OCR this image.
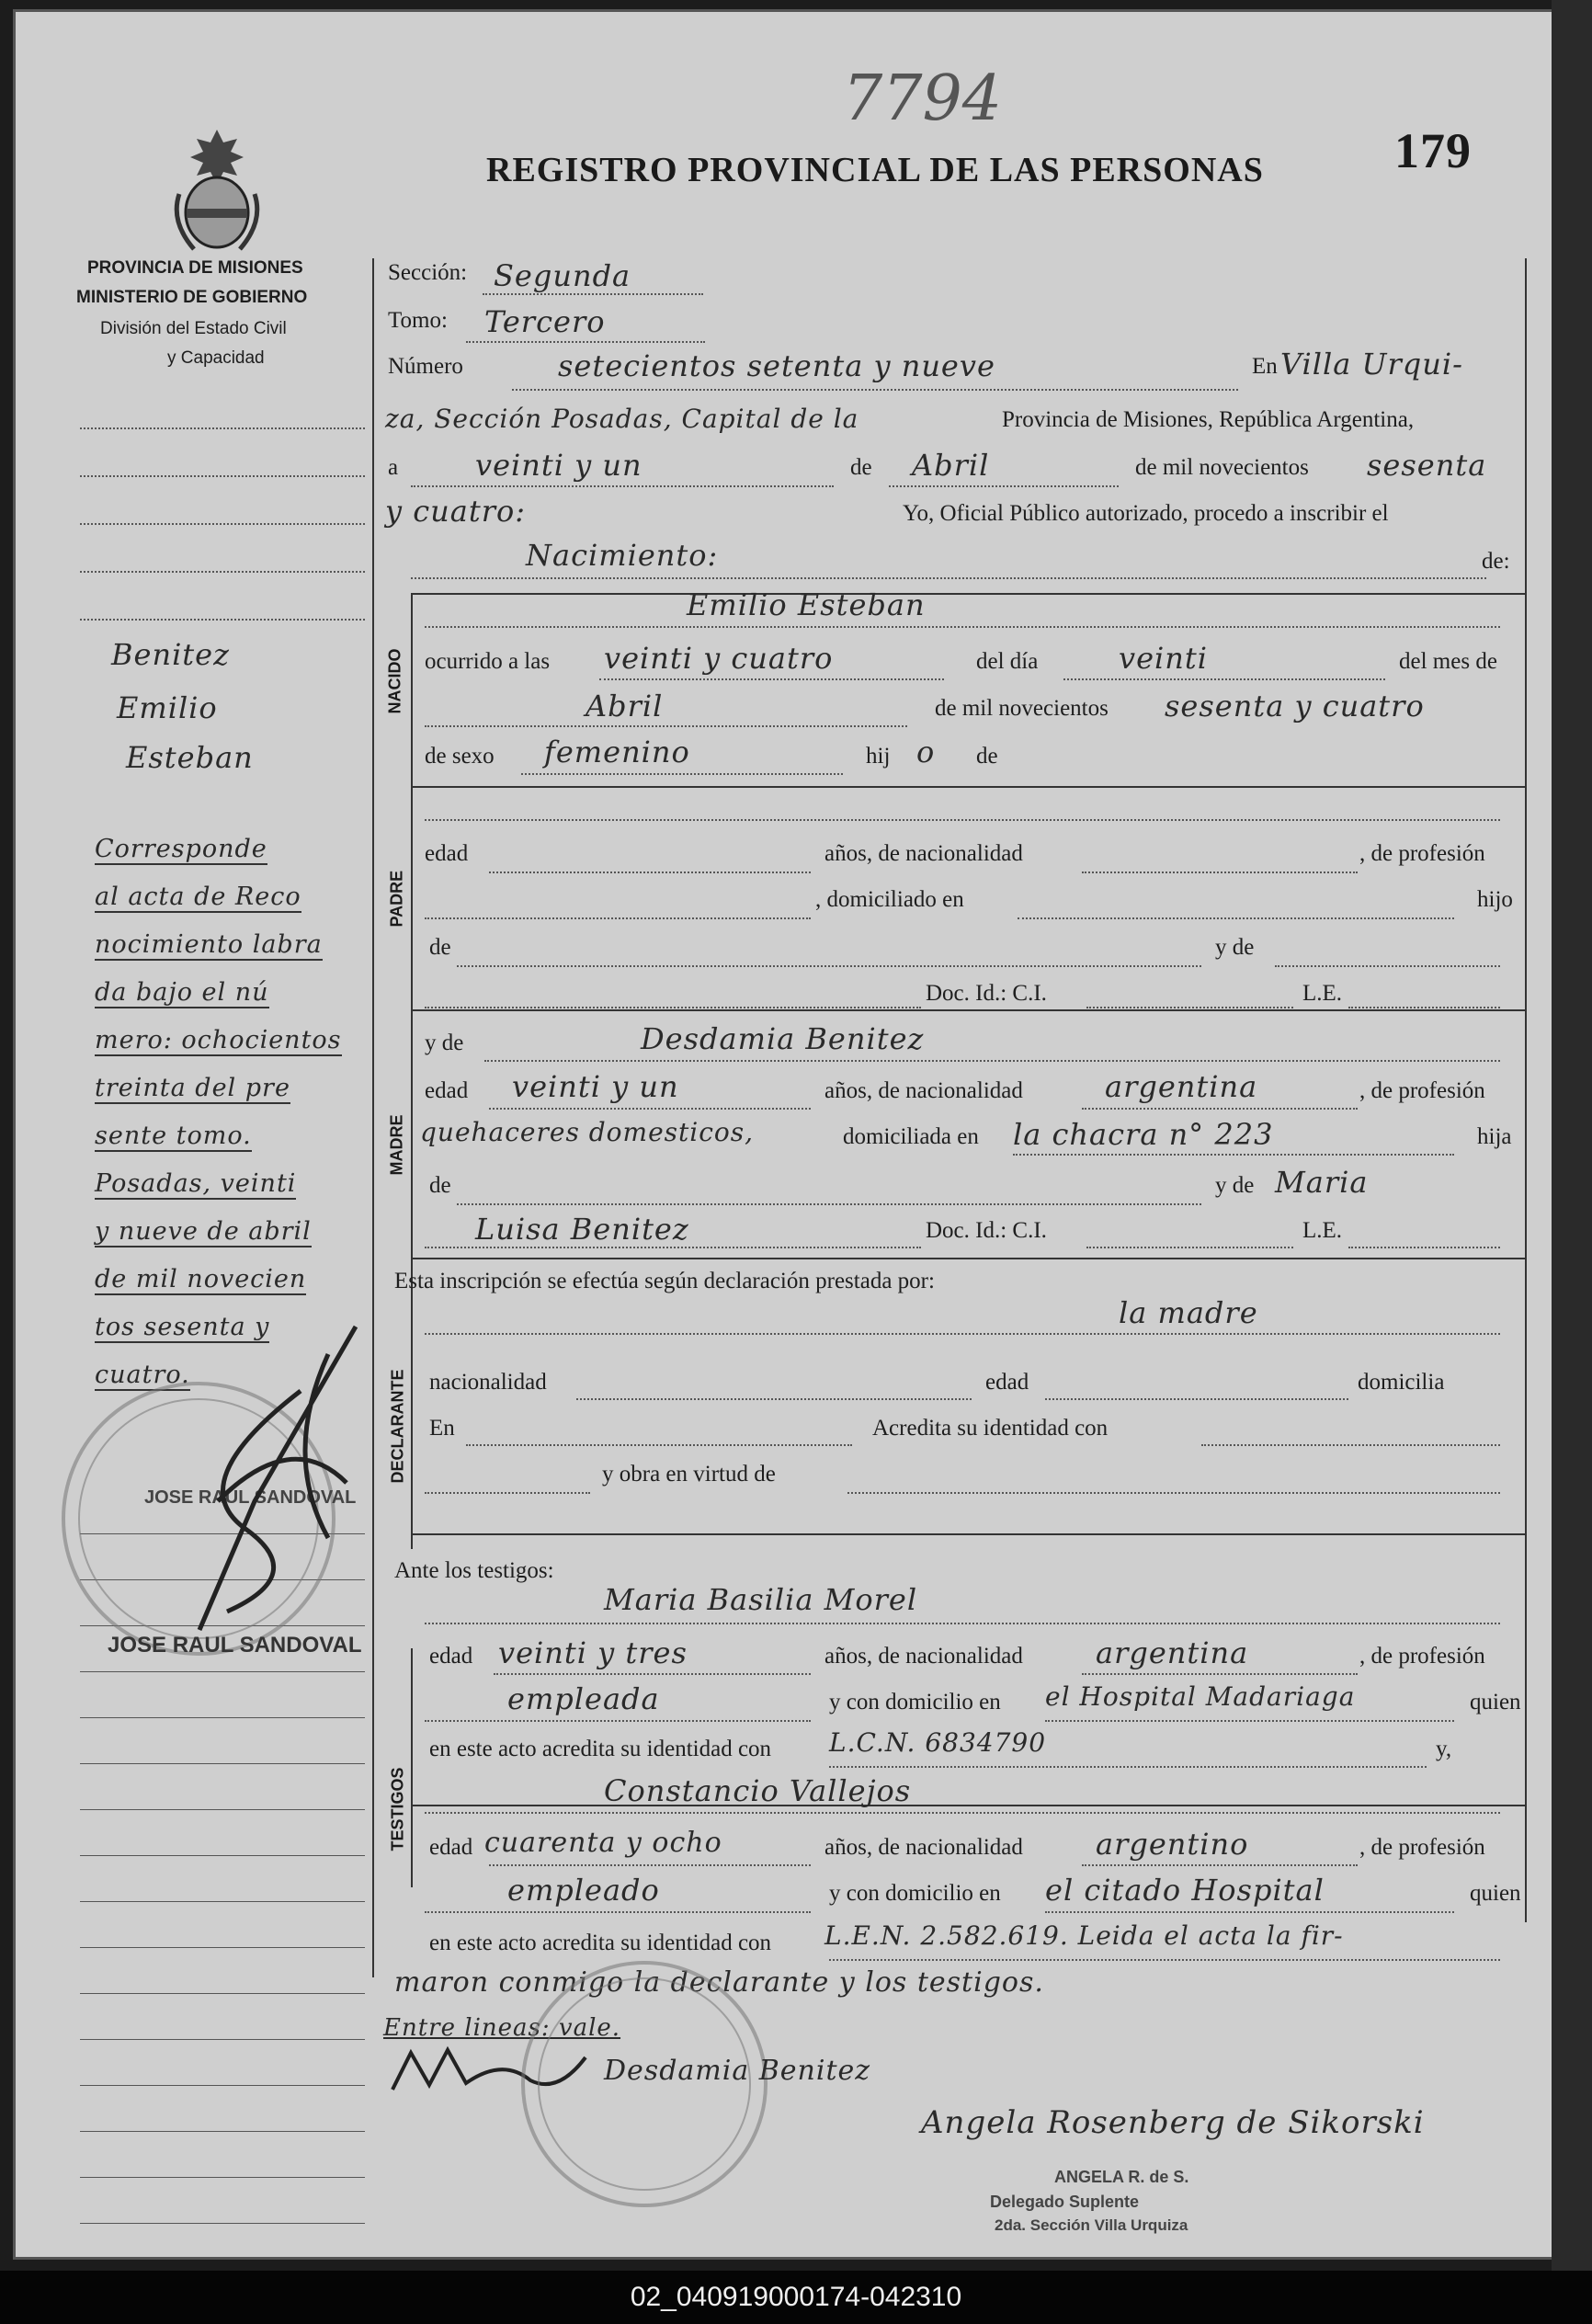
7794
REGISTRO PROVINCIAL DE LAS PERSONAS	179
PROVINCIA DE MISIONES
MINISTERIO DE GOBIERNO
División del Estado Civil
y Capacidad
Benitez
Emilio
Esteban
Corresponde
al acta de Reco
nocimiento labra
da bajo el nú
mero: ochocientos
treinta del pre
sente tomo.
Posadas, veinti
y nueve de abril
de mil novecien
tos sesenta y
cuatro.
JOSE RAUL SANDOVAL
JOSE RAUL SANDOVAL
NACIDO
PADRE
MADRE
DECLARANTE
TESTIGOS
Sección: Segunda
Tomo: Tercero
Número	setecientos setenta y nueve	En Villa Urqui-
za, Sección Posadas, Capital de la	Provincia de Misiones, República Argentina,
a	veinti y un	de Abril	de mil novecientos sesenta
y cuatro:	Yo, Oficial Público autorizado, procedo a inscribir el
Nacimiento:	de:
Emilio Esteban
ocurrido a las veinti y cuatro	del día	veinti	del mes de
Abril	de mil novecientos sesenta y cuatro
de sexo femenino	hij o de
edad	años, de nacionalidad	, de profesión
, domiciliado en	hijo
de	y de
Doc. Id.: C.I.	L.E.
y de	Desdamia Benitez
edad veinti y un	años, de nacionalidad	argentina	, de profesión
quehaceres domesticos,	domiciliada en la chacra n° 223	hija
de	y de Maria
Luisa Benitez	Doc. Id.: C.I.	L.E.
Esta inscripción se efectúa según declaración prestada por:
la madre
nacionalidad	edad	domicilia
En	Acredita su identidad con
y obra en virtud de
Ante los testigos:
Maria Basilia Morel
edad veinti y tres	años, de nacionalidad argentina	, de profesión
empleada	y con domicilio en el Hospital Madariaga	quien
en este acto acredita su identidad con L.C.N. 6834790	y,
Constancio Vallejos
edad cuarenta y ocho	años, de nacionalidad argentino	, de profesión
empleado	y con domicilio en el citado Hospital	quien
en este acto acredita su identidad con L.E.N. 2.582.619. Leida el acta la fir-
maron conmigo la declarante y los testigos.
Entre lineas: vale.
Desdamia Benitez
Angela Rosenberg de Sikorski
ANGELA R. de S.
Delegado Suplente
2da. Sección Villa Urquiza
02_040919000174-042310
